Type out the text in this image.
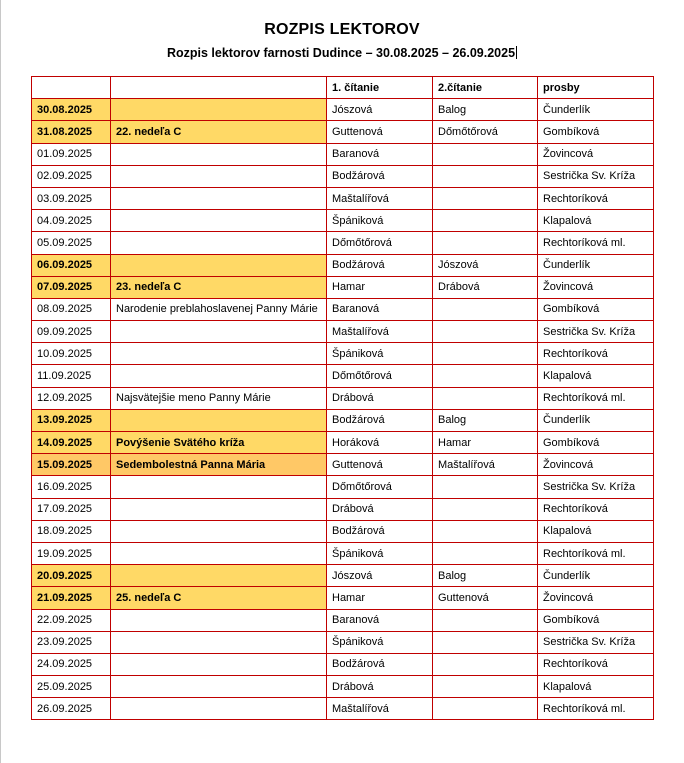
ROZPIS LEKTOROV
Rozpis lektorov farnosti Dudince – 30.08.2025 – 26.09.2025
		1. čítanie	2.čítanie	prosby
30.08.2025		Jószová	Balog	Čunderlík
31.08.2025	22. nedeľa C	Guttenová	Dőmőtőrová	Gombíková
01.09.2025		Baranová		Žovincová
02.09.2025		Bodžárová		Sestrička Sv. Kríža
03.09.2025		Maštalířová		Rechtoríková
04.09.2025		Špániková		Klapalová
05.09.2025		Dőmőtőrová		Rechtoríková ml.
06.09.2025		Bodžárová	Jószová	Čunderlík
07.09.2025	23. nedeľa C	Hamar	Drábová	Žovincová
08.09.2025	Narodenie preblahoslavenej Panny Márie	Baranová		Gombíková
09.09.2025		Maštalířová		Sestrička Sv. Kríža
10.09.2025		Špániková		Rechtoríková
11.09.2025		Dőmőtőrová		Klapalová
12.09.2025	Najsvätejšie meno Panny Márie	Drábová		Rechtoríková ml.
13.09.2025		Bodžárová	Balog	Čunderlík
14.09.2025	Povýšenie Svätého kríža	Horáková	Hamar	Gombíková
15.09.2025	Sedembolestná Panna Mária	Guttenová	Maštalířová	Žovincová
16.09.2025		Dőmőtőrová		Sestrička Sv. Kríža
17.09.2025		Drábová		Rechtoríková
18.09.2025		Bodžárová		Klapalová
19.09.2025		Špániková		Rechtoríková ml.
20.09.2025		Jószová	Balog	Čunderlík
21.09.2025	25. nedeľa C	Hamar	Guttenová	Žovincová
22.09.2025		Baranová		Gombíková
23.09.2025		Špániková		Sestrička Sv. Kríža
24.09.2025		Bodžárová		Rechtoríková
25.09.2025		Drábová		Klapalová
26.09.2025		Maštalířová		Rechtoríková ml.
